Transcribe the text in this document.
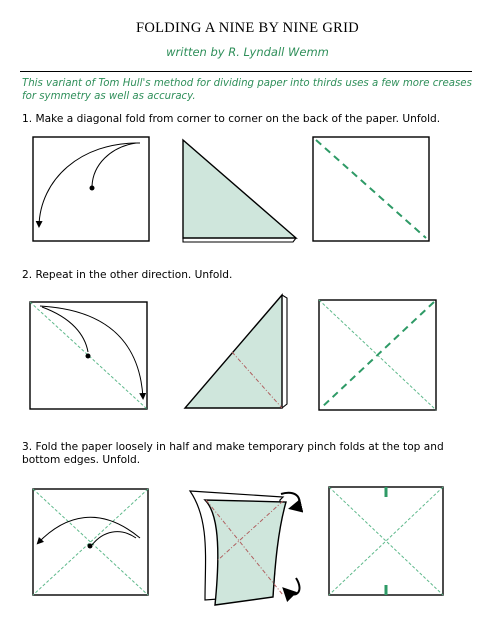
FOLDING A NINE BY NINE GRID
written by R. Lyndall Wemm
This variant of Tom Hull's method for dividing paper into thirds uses a few more creases for symmetry as well as accuracy.
1. Make a diagonal fold from corner to corner on the back of the paper. Unfold.
2. Repeat in the other direction. Unfold.
3. Fold the paper loosely in half and make temporary pinch folds at the top and bottom edges. Unfold.
